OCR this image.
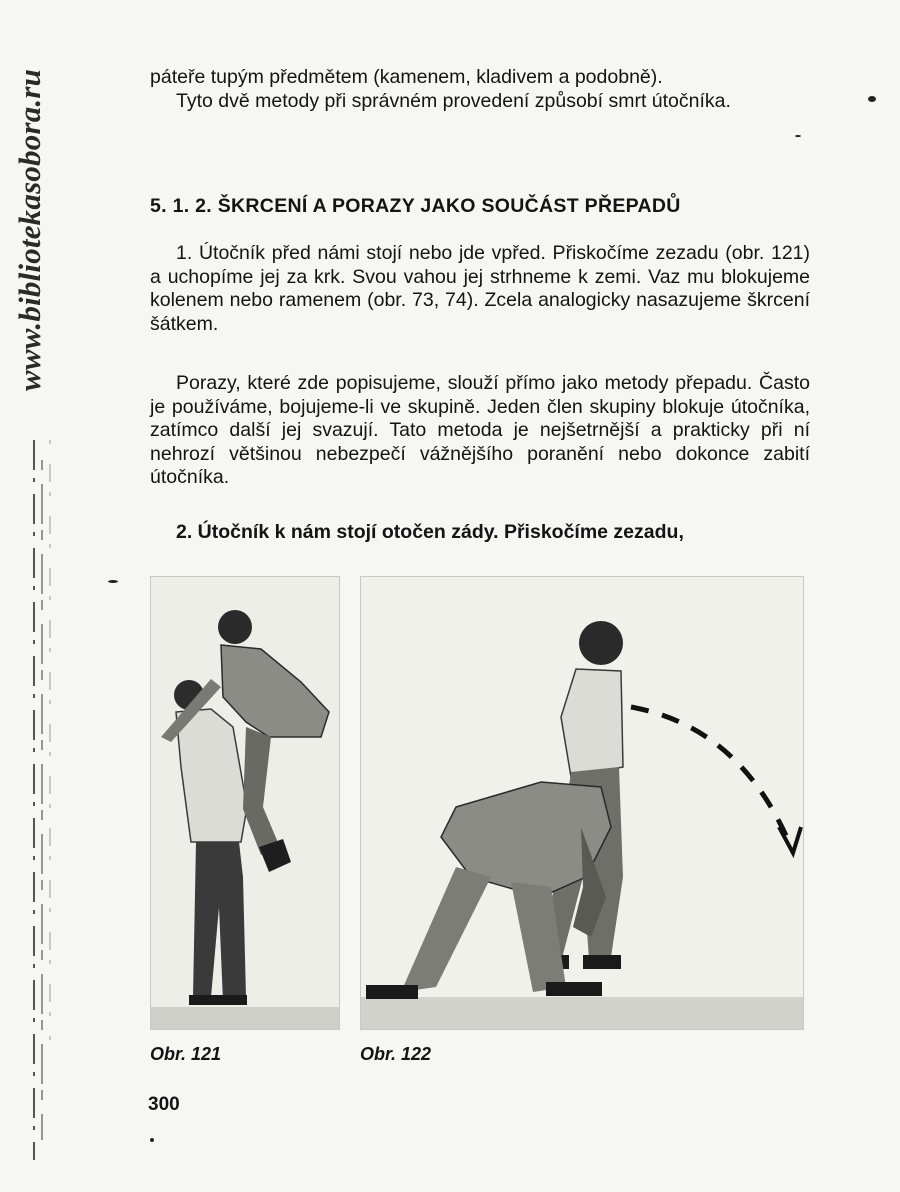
www.bibliotekasobora.ru	páteře tupým předmětem (kamenem, kladivem a podobně).

Tyto dvě metody při správném provedení způsobí smrt útočníka.

5. 1. 2. ŠKRCENÍ A PORAZY JAKO SOUČÁST PŘEPADŮ

1. Útočník před námi stojí nebo jde vpřed. Přiskočíme zezadu (obr. 121) a uchopíme jej za krk. Svou vahou jej strhneme k zemi. Vaz mu blokujeme kolenem nebo ramenem (obr. 73, 74). Zcela analogicky nasazujeme škrcení šátkem.

Porazy, které zde popisujeme, slouží přímo jako metody přepadu. Často je používáme, bojujeme-li ve skupině. Jeden člen skupiny blokuje útočníka, zatímco další jej svazují. Tato metoda je nejšetrnější a prakticky při ní nehrozí většinou nebezpečí vážnějšího poranění nebo dokonce zabití útočníka.

2. Útočník k nám stojí otočen zády. Přiskočíme zezadu,

Obr. 121	Obr. 122
300
